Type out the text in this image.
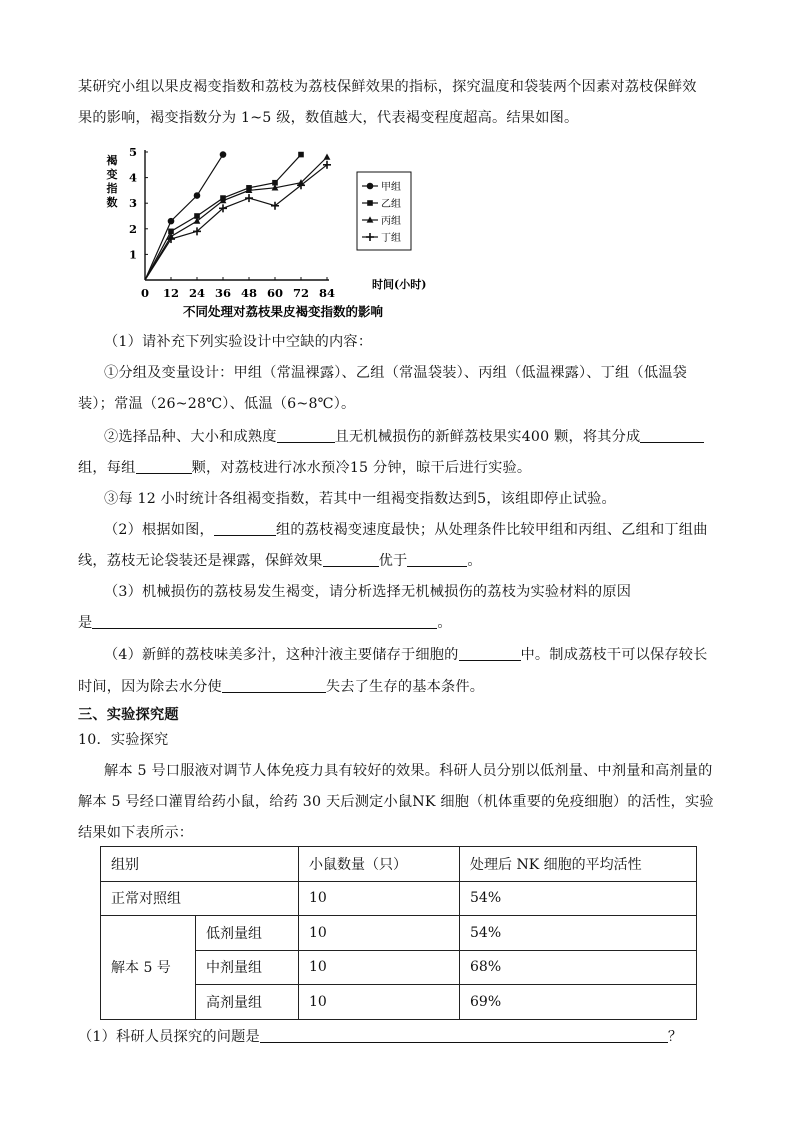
某研究小组以果皮褐变指数和荔枝为荔枝保鲜效果的指标，探究温度和袋装两个因素对荔枝保鲜效
果的影响，褐变指数分为 1~5 级，数值越大，代表褐变程度超高。结果如图。
0 12 24 36 48 60 72 84
1
2
3
4
5
褐
变
指
数
时间(小时)
不同处理对荔枝果皮褐变指数的影响
甲组
乙组
丙组
丁组
（1）请补充下列实验设计中空缺的内容：
①分组及变量设计：甲组（常温裸露）、乙组（常温袋装）、丙组（低温裸露）、丁组（低温袋
装）；常温（26~28℃）、低温（6~8℃）。
②选择品种、大小和成熟度	且无机械损伤的新鲜荔枝果实400 颗，将其分成
组，每组	颗，对荔枝进行冰水预冷15 分钟，晾干后进行实验。
③每 12 小时统计各组褐变指数，若其中一组褐变指数达到5，该组即停止试验。
（2）根据如图，	组的荔枝褐变速度最快；从处理条件比较甲组和丙组、乙组和丁组曲
线，荔枝无论袋装还是裸露，保鲜效果	优于	。
（3）机械损伤的荔枝易发生褐变，请分析选择无机械损伤的荔枝为实验材料的原因
是	。
（4）新鲜的荔枝味美多汁，这种汁液主要储存于细胞的	中。制成荔枝干可以保存较长
时间，因为除去水分使	失去了生存的基本条件。
三、实验探究题
10．实验探究
解本 5 号口服液对调节人体免疫力具有较好的效果。科研人员分别以低剂量、中剂量和高剂量的
解本 5 号经口灌胃给药小鼠，给药 30 天后测定小鼠NK 细胞（机体重要的免疫细胞）的活性，实验
结果如下表所示：
组别		小鼠数量（只）	处理后 NK 细胞的平均活性
正常对照组		10	54%
解本 5 号	低剂量组	10	54%
	中剂量组	10	68%
	高剂量组	10	69%
（1）科研人员探究的问题是	？
